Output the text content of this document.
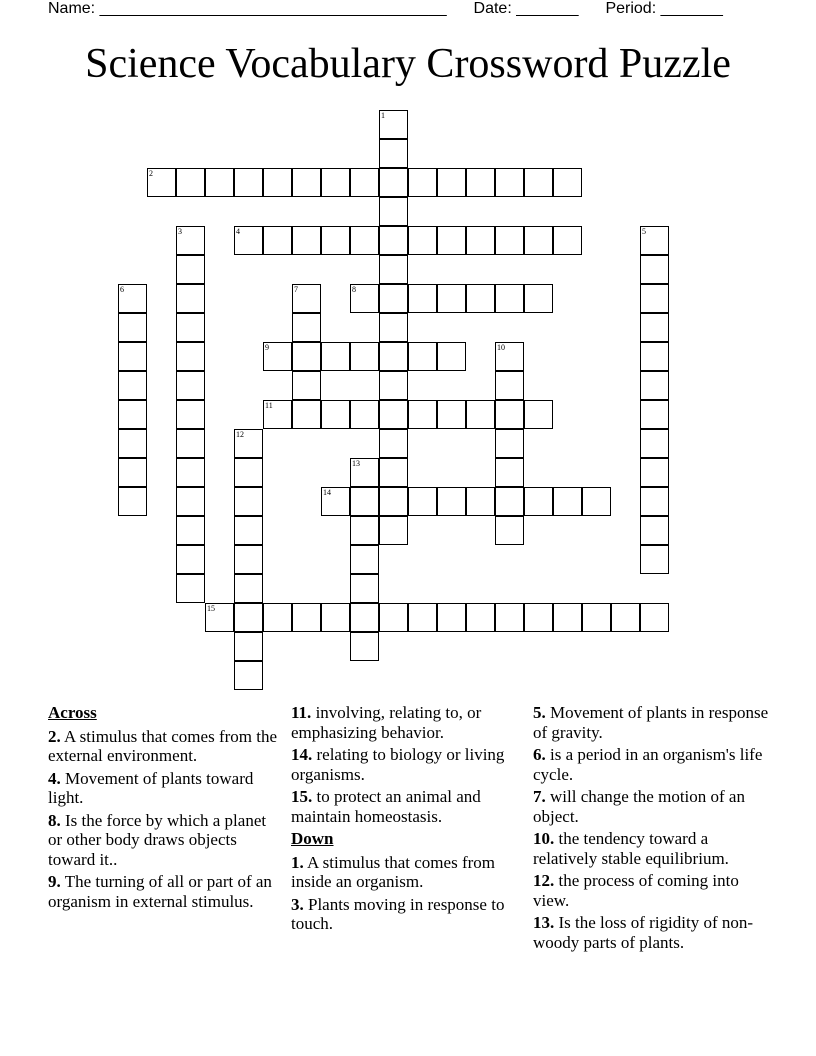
Name: _______________________________________ Date: _______ Period: _______
Science Vocabulary Crossword Puzzle
1
2
3	4	5
6	7	8
9	10
11
12
13
14
15
Across
2. A stimulus that comes from the external environment.
4. Movement of plants toward light.
8. Is the force by which a planet or other body draws objects toward it..
9. The turning of all or part of an organism in external stimulus.
11. involving, relating to, or emphasizing behavior.
14. relating to biology or living organisms.
15. to protect an animal and maintain homeostasis.
Down
1. A stimulus that comes from inside an organism.
3. Plants moving in response to touch.
5. Movement of plants in response of gravity.
6. is a period in an organism's life cycle.
7. will change the motion of an object.
10. the tendency toward a relatively stable equilibrium.
12. the process of coming into view.
13. Is the loss of rigidity of non-woody parts of plants.
